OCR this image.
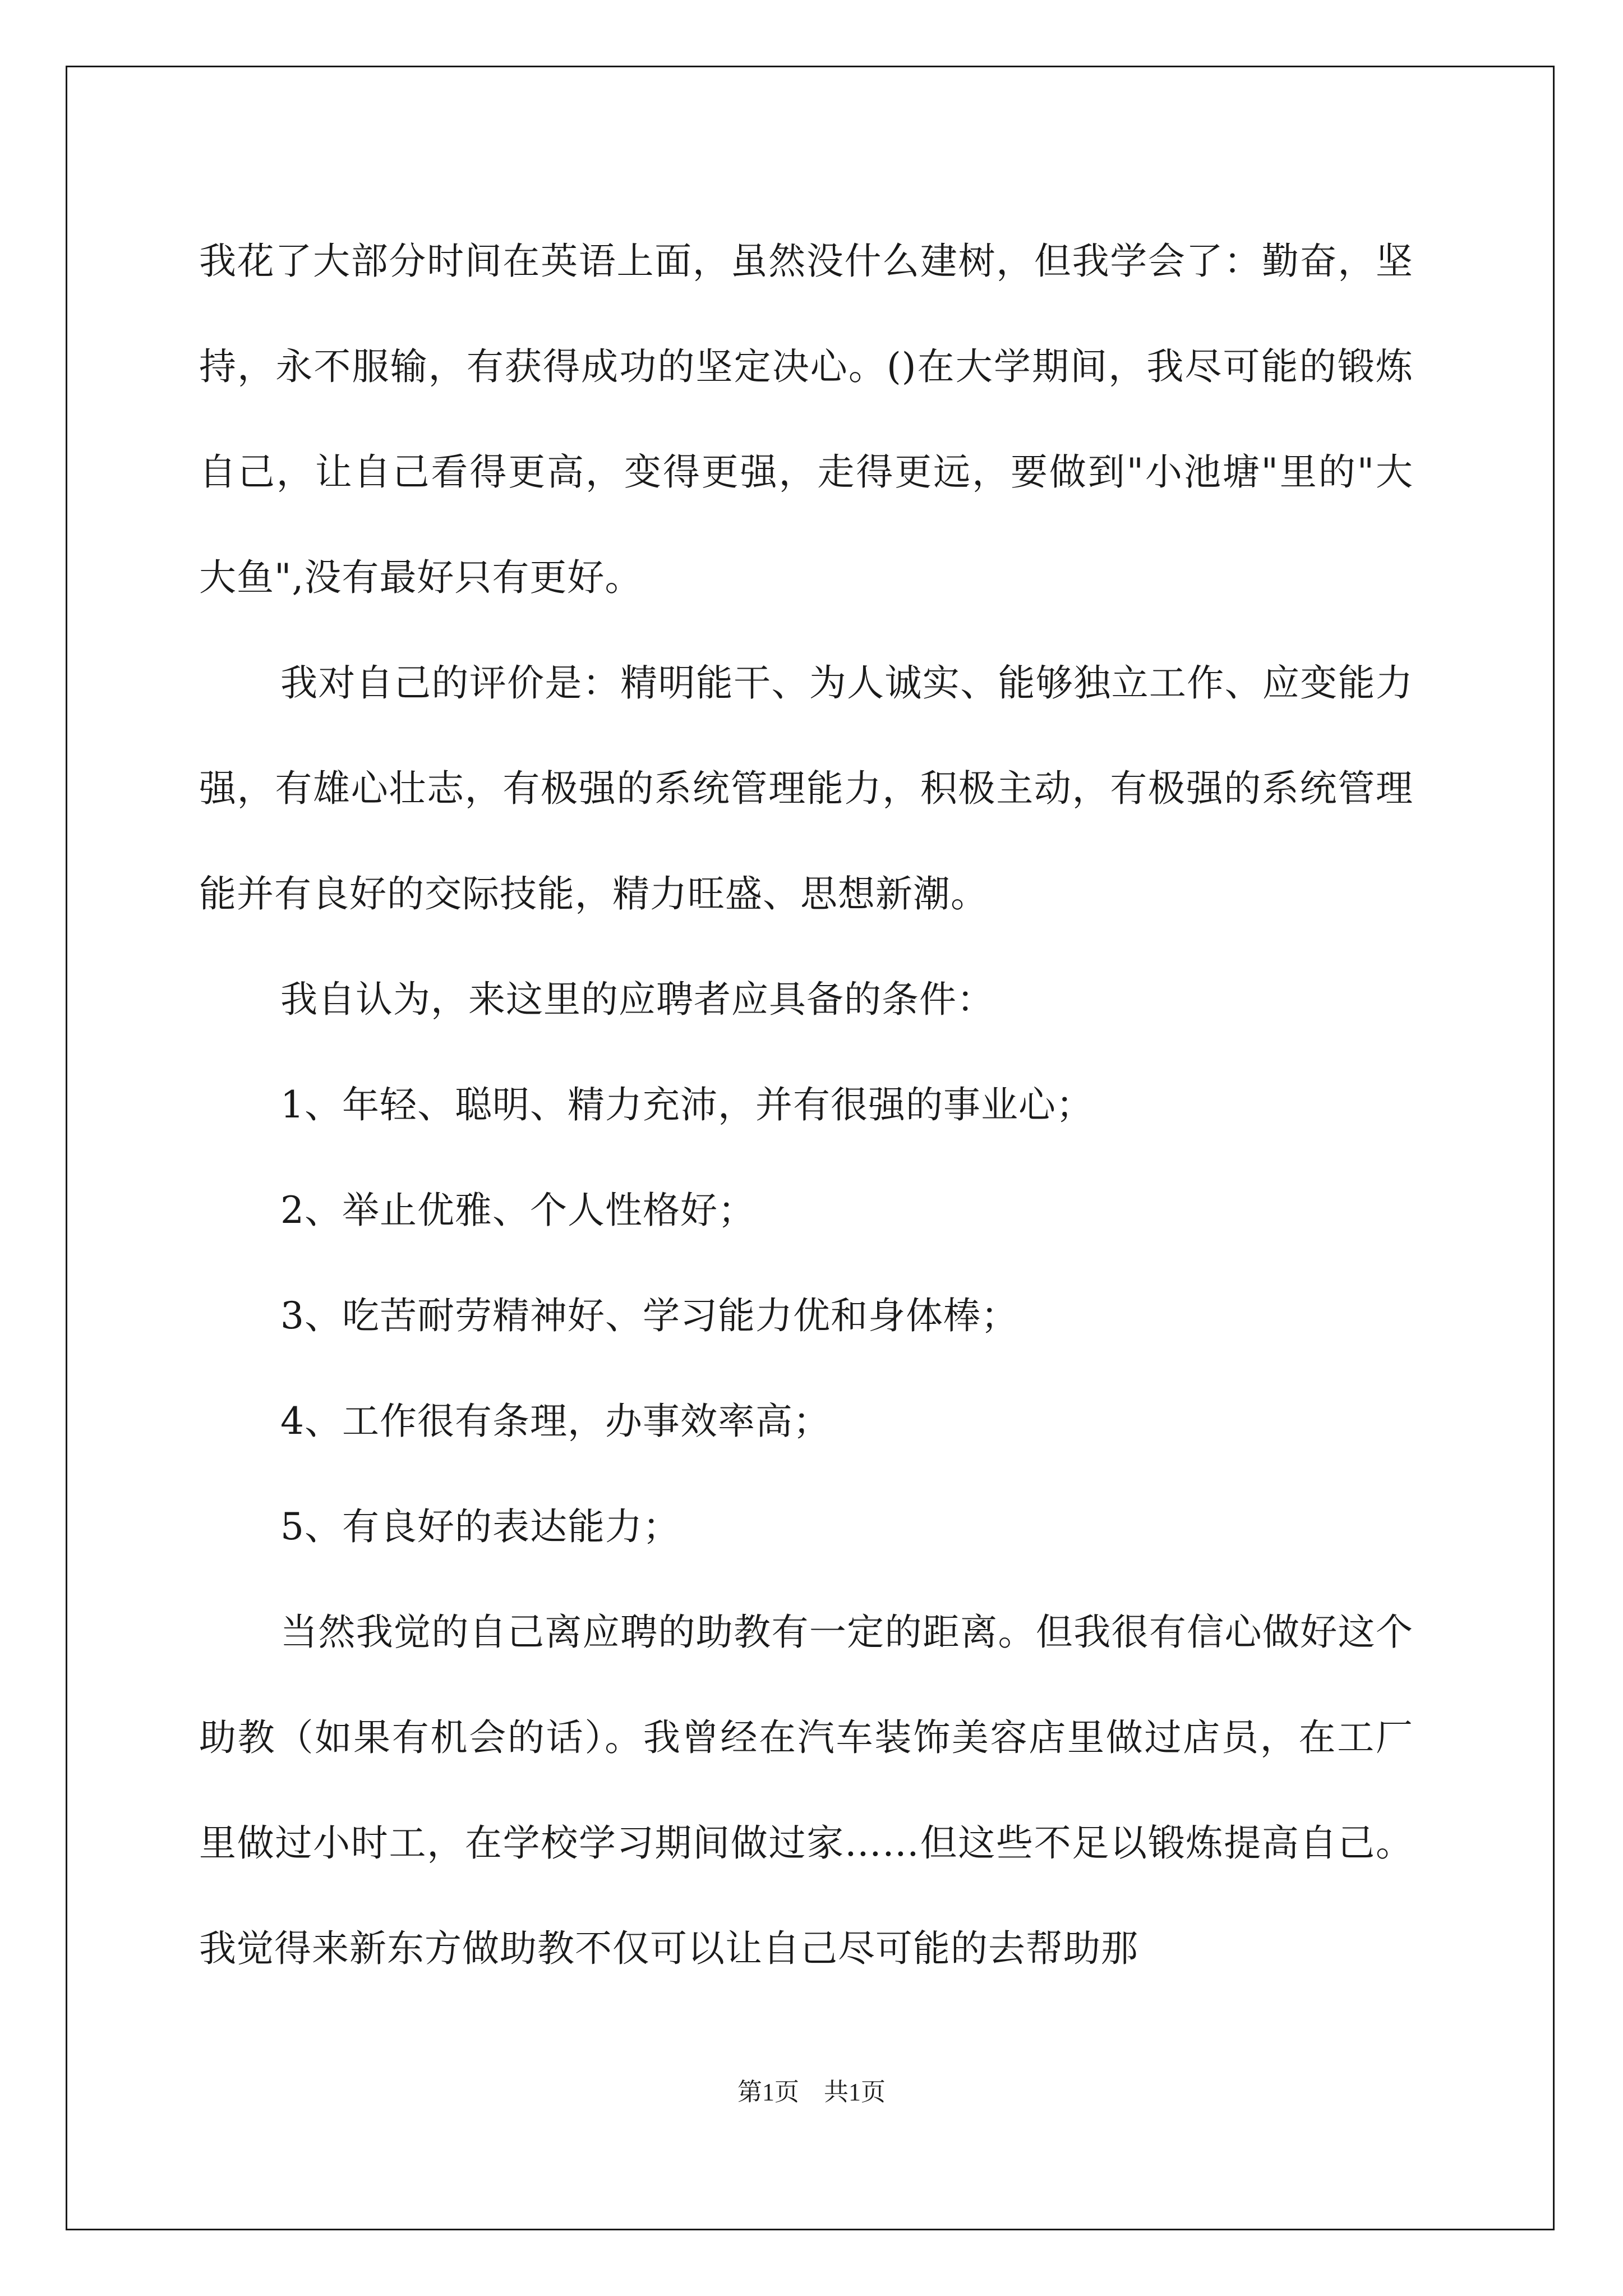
我花了大部分时间在英语上面，虽然没什么建树，但我学会了：勤奋，坚持，永不服输，有获得成功的坚定决心。()在大学期间，我尽可能的锻炼自己，让自己看得更高，变得更强，走得更远，要做到"小池塘"里的"大大鱼",没有最好只有更好。

我对自己的评价是：精明能干、为人诚实、能够独立工作、应变能力强，有雄心壮志，有极强的系统管理能力，积极主动，有极强的系统管理能并有良好的交际技能，精力旺盛、思想新潮。

我自认为，来这里的应聘者应具备的条件：

1、年轻、聪明、精力充沛，并有很强的事业心；

2、举止优雅、个人性格好；

3、吃苦耐劳精神好、学习能力优和身体棒；

4、工作很有条理，办事效率高；

5、有良好的表达能力；

当然我觉的自己离应聘的助教有一定的距离。但我很有信心做好这个助教（如果有机会的话）。我曾经在汽车装饰美容店里做过店员，在工厂里做过小时工，在学校学习期间做过家……但这些不足以锻炼提高自己。我觉得来新东方做助教不仅可以让自己尽可能的去帮助那

第1页　共1页
